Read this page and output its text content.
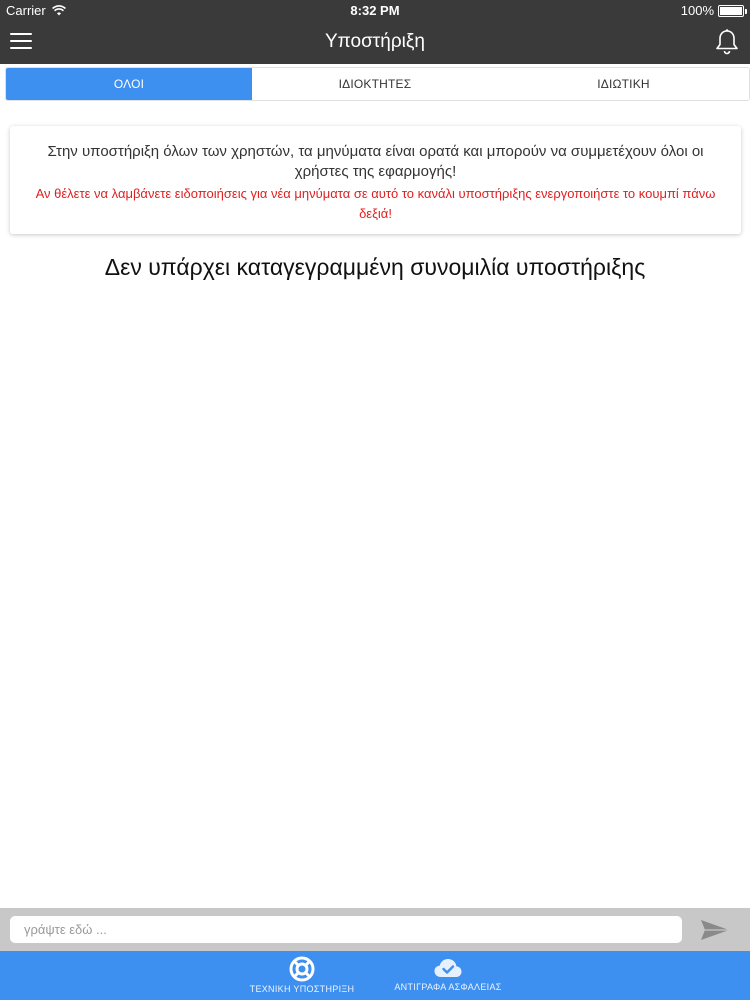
Carrier	8:32 PM	100%
Υποστήριξη
ΟΛΟΙ	ΙΔΙΟΚΤΗΤΕΣ	ΙΔΙΩΤΙΚΗ
Στην υποστήριξη όλων των χρηστών, τα μηνύματα είναι ορατά και μπορούν να συμμετέχουν όλοι οι χρήστες της εφαρμογής!
Αν θέλετε να λαμβάνετε ειδοποιήσεις για νέα μηνύματα σε αυτό το κανάλι υποστήριξης ενεργοποιήστε το κουμπί πάνω δεξιά!
Δεν υπάρχει καταγεγραμμένη συνομιλία υποστήριξης
γράψτε εδώ ...
ΤΕΧΝΙΚΗ ΥΠΟΣΤΗΡΙΞΗ	ΑΝΤΙΓΡΑΦΑ ΑΣΦΑΛΕΙΑΣ
